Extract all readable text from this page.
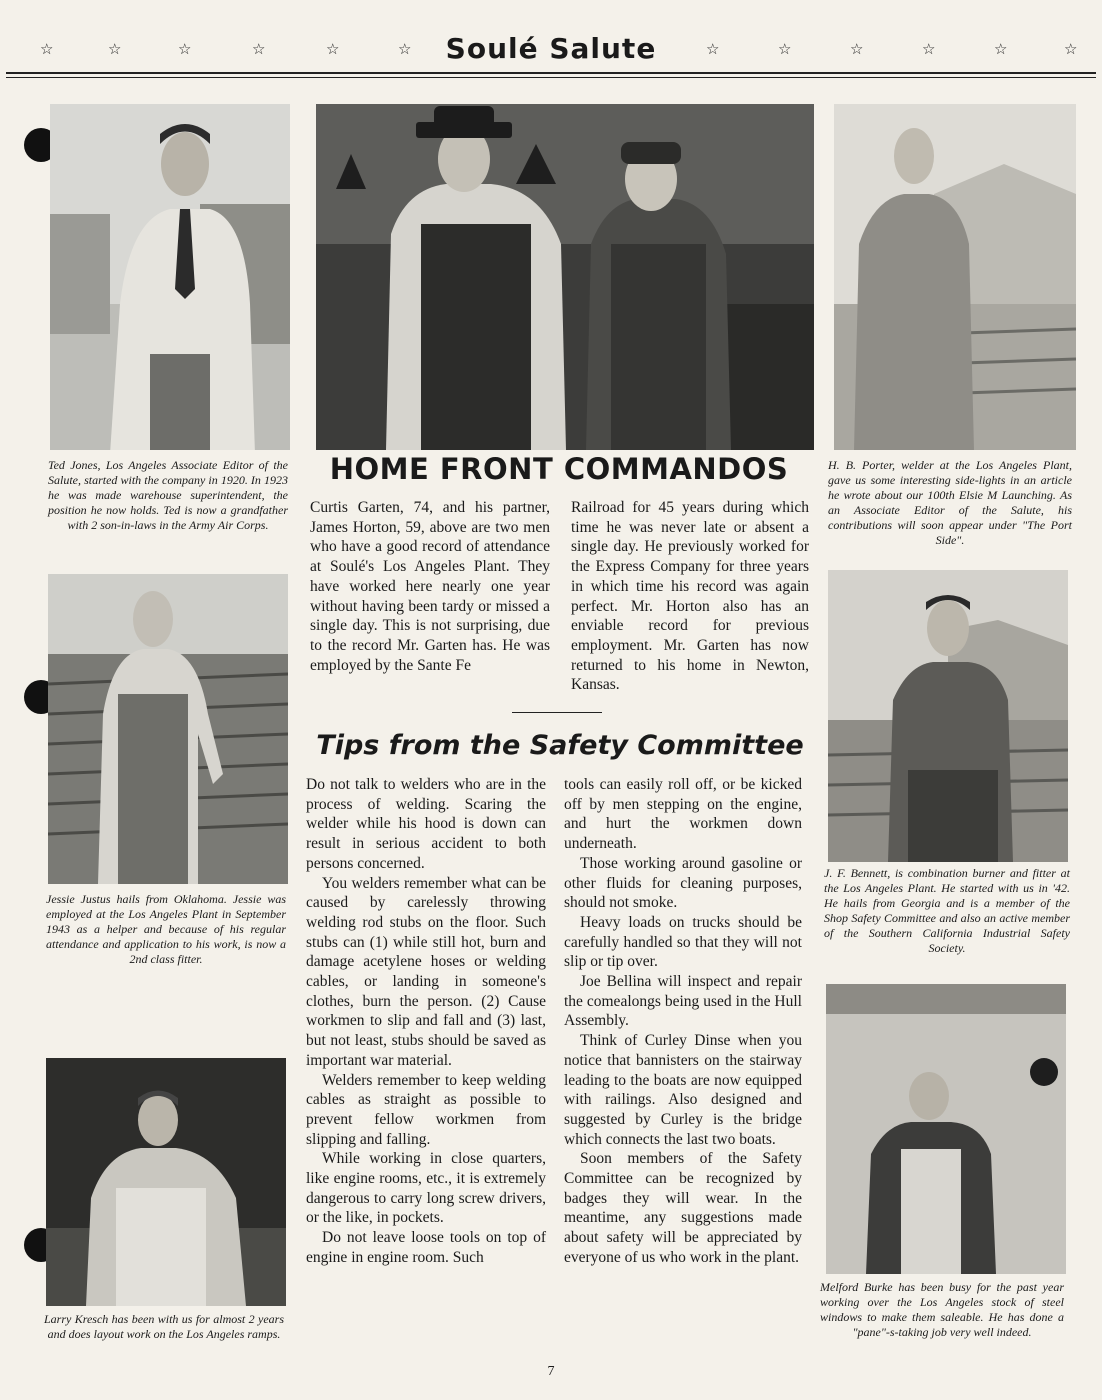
☆	☆	☆	☆	☆	☆	Soulé Salute	☆	☆	☆	☆	☆	☆
Ted Jones, Los Angeles Associate Editor of the Salute, started with the company in 1920. In 1923 he was made warehouse superintendent, the position he now holds. Ted is now a grandfather with 2 son-in-laws in the Army Air Corps.
Jessie Justus hails from Oklahoma. Jessie was employed at the Los Angeles Plant in September 1943 as a helper and because of his regular attendance and application to his work, is now a 2nd class fitter.
Larry Kresch has been with us for almost 2 years and does layout work on the Los Angeles ramps.
HOME FRONT COMMANDOS

Curtis Garten, 74, and his partner, James Horton, 59, above are two men who have a good record of attendance at Soulé's Los Angeles Plant. They have worked here nearly one year without having been tardy or missed a single day. This is not surprising, due to the record Mr. Garten has. He was employed by the Sante Fe

Railroad for 45 years during which time he was never late or absent a single day. He previously worked for the Express Company for three years in which time his record was again perfect. Mr. Horton also has an enviable record for previous employment. Mr. Garten has now returned to his home in Newton, Kansas.

Tips from the Safety Committee

Do not talk to welders who are in the process of welding. Scaring the welder while his hood is down can result in serious accident to both persons concerned.

You welders remember what can be caused by carelessly throwing welding rod stubs on the floor. Such stubs can (1) while still hot, burn and damage acetylene hoses or welding cables, or landing in someone's clothes, burn the person. (2) Cause workmen to slip and fall and (3) last, but not least, stubs should be saved as important war material.

Welders remember to keep welding cables as straight as possible to prevent fellow workmen from slipping and falling.

While working in close quarters, like engine rooms, etc., it is extremely dangerous to carry long screw drivers, or the like, in pockets.

Do not leave loose tools on top of engine in engine room. Such

tools can easily roll off, or be kicked off by men stepping on the engine, and hurt the workmen down underneath.

Those working around gasoline or other fluids for cleaning purposes, should not smoke.

Heavy loads on trucks should be carefully handled so that they will not slip or tip over.

Joe Bellina will inspect and repair the comealongs being used in the Hull Assembly.

Think of Curley Dinse when you notice that bannisters on the stairway leading to the boats are now equipped with railings. Also designed and suggested by Curley is the bridge which connects the last two boats.

Soon members of the Safety Committee can be recognized by badges they will wear. In the meantime, any suggestions made about safety will be appreciated by everyone of us who work in the plant.

H. B. Porter, welder at the Los Angeles Plant, gave us some interesting side-lights in an article he wrote about our 100th Elsie M Launching. As an Associate Editor of the Salute, his contributions will soon appear under "The Port Side".
J. F. Bennett, is combination burner and fitter at the Los Angeles Plant. He started with us in '42. He hails from Georgia and is a member of the Shop Safety Committee and also an active member of the Southern California Industrial Safety Society.
Melford Burke has been busy for the past year working over the Los Angeles stock of steel windows to make them saleable. He has done a "pane"-s-taking job very well indeed.
7
